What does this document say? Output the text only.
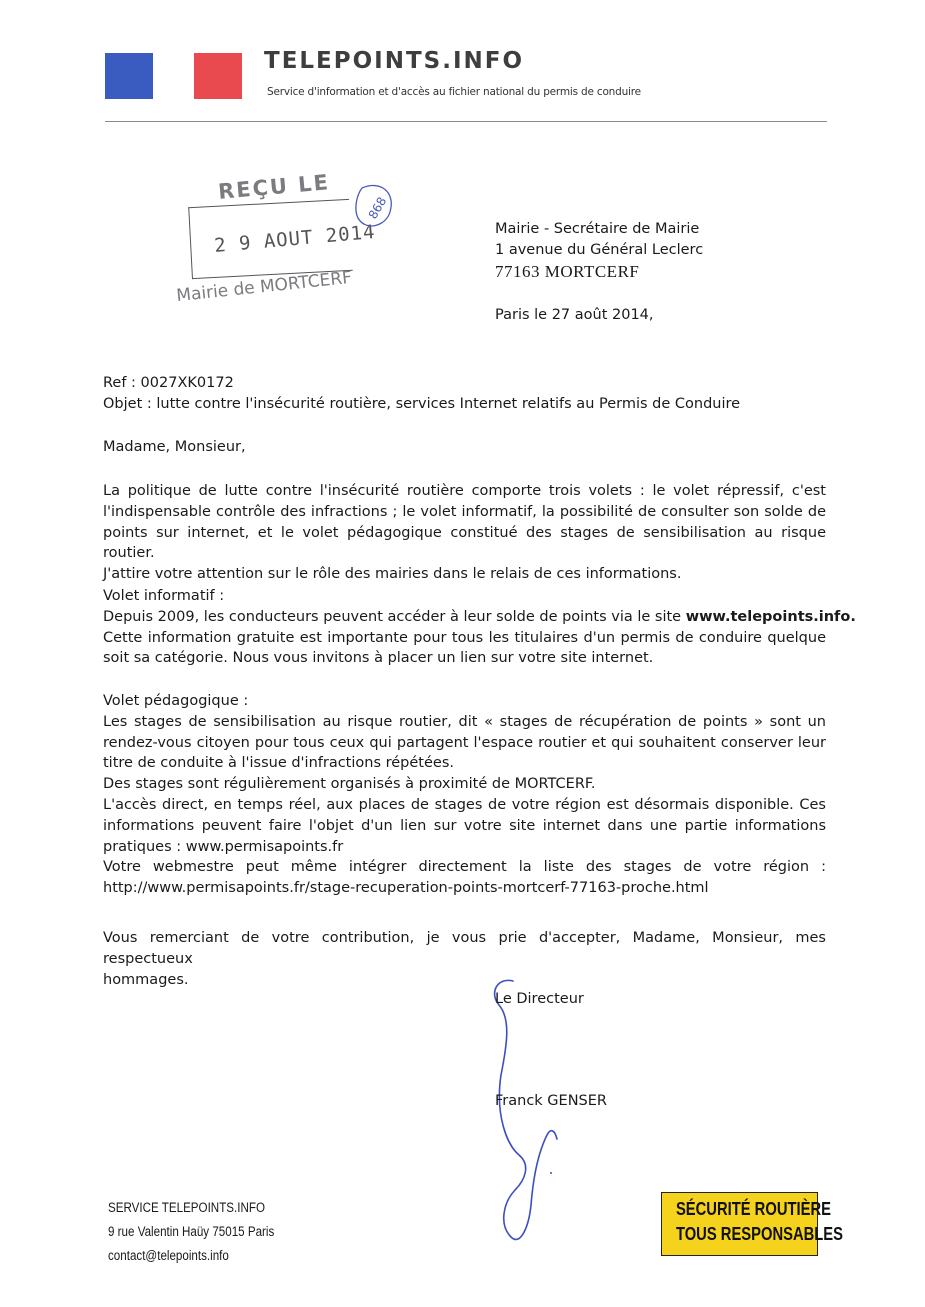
TELEPOINTS.INFO
Service d'information et d'accès au fichier national du permis de conduire
REÇU LE
2 9 AOUT 2014
Mairie de MORTCERF
868
Mairie - Secrétaire de Mairie
1 avenue du Général Leclerc
77163 MORTCERF
Paris le 27 août 2014,
Ref : 0027XK0172
Objet : lutte contre l'insécurité routière, services Internet relatifs au Permis de Conduire
Madame, Monsieur,
La politique de lutte contre l'insécurité routière comporte trois volets : le volet répressif, c'est
l'indispensable contrôle des infractions ; le volet informatif, la possibilité de consulter son solde de
points sur internet, et le volet pédagogique constitué des stages de sensibilisation au risque routier.
J'attire votre attention sur le rôle des mairies dans le relais de ces informations.
Volet informatif :
Depuis 2009, les conducteurs peuvent accéder à leur solde de points via le site www.telepoints.info.
Cette information gratuite est importante pour tous les titulaires d'un permis de conduire quelque
soit sa catégorie. Nous vous invitons à placer un lien sur votre site internet.
Volet pédagogique :
Les stages de sensibilisation au risque routier, dit « stages de récupération de points » sont un
rendez-vous citoyen pour tous ceux qui partagent l'espace routier et qui souhaitent conserver leur
titre de conduite à l'issue d'infractions répétées.
Des stages sont régulièrement organisés à proximité de MORTCERF.
L'accès direct, en temps réel, aux places de stages de votre région est désormais disponible. Ces
informations peuvent faire l'objet d'un lien sur votre site internet dans une partie informations
pratiques : www.permisapoints.fr
Votre webmestre peut même intégrer directement la liste des stages de votre région :
http://www.permisapoints.fr/stage-recuperation-points-mortcerf-77163-proche.html
Vous remerciant de votre contribution, je vous prie d'accepter, Madame, Monsieur, mes respectueux
hommages.
Le Directeur
Franck GENSER
SERVICE TELEPOINTS.INFO
9 rue Valentin Haüy 75015 Paris
contact@telepoints.info
SÉCURITÉ ROUTIÈRE
TOUS RESPONSABLES
